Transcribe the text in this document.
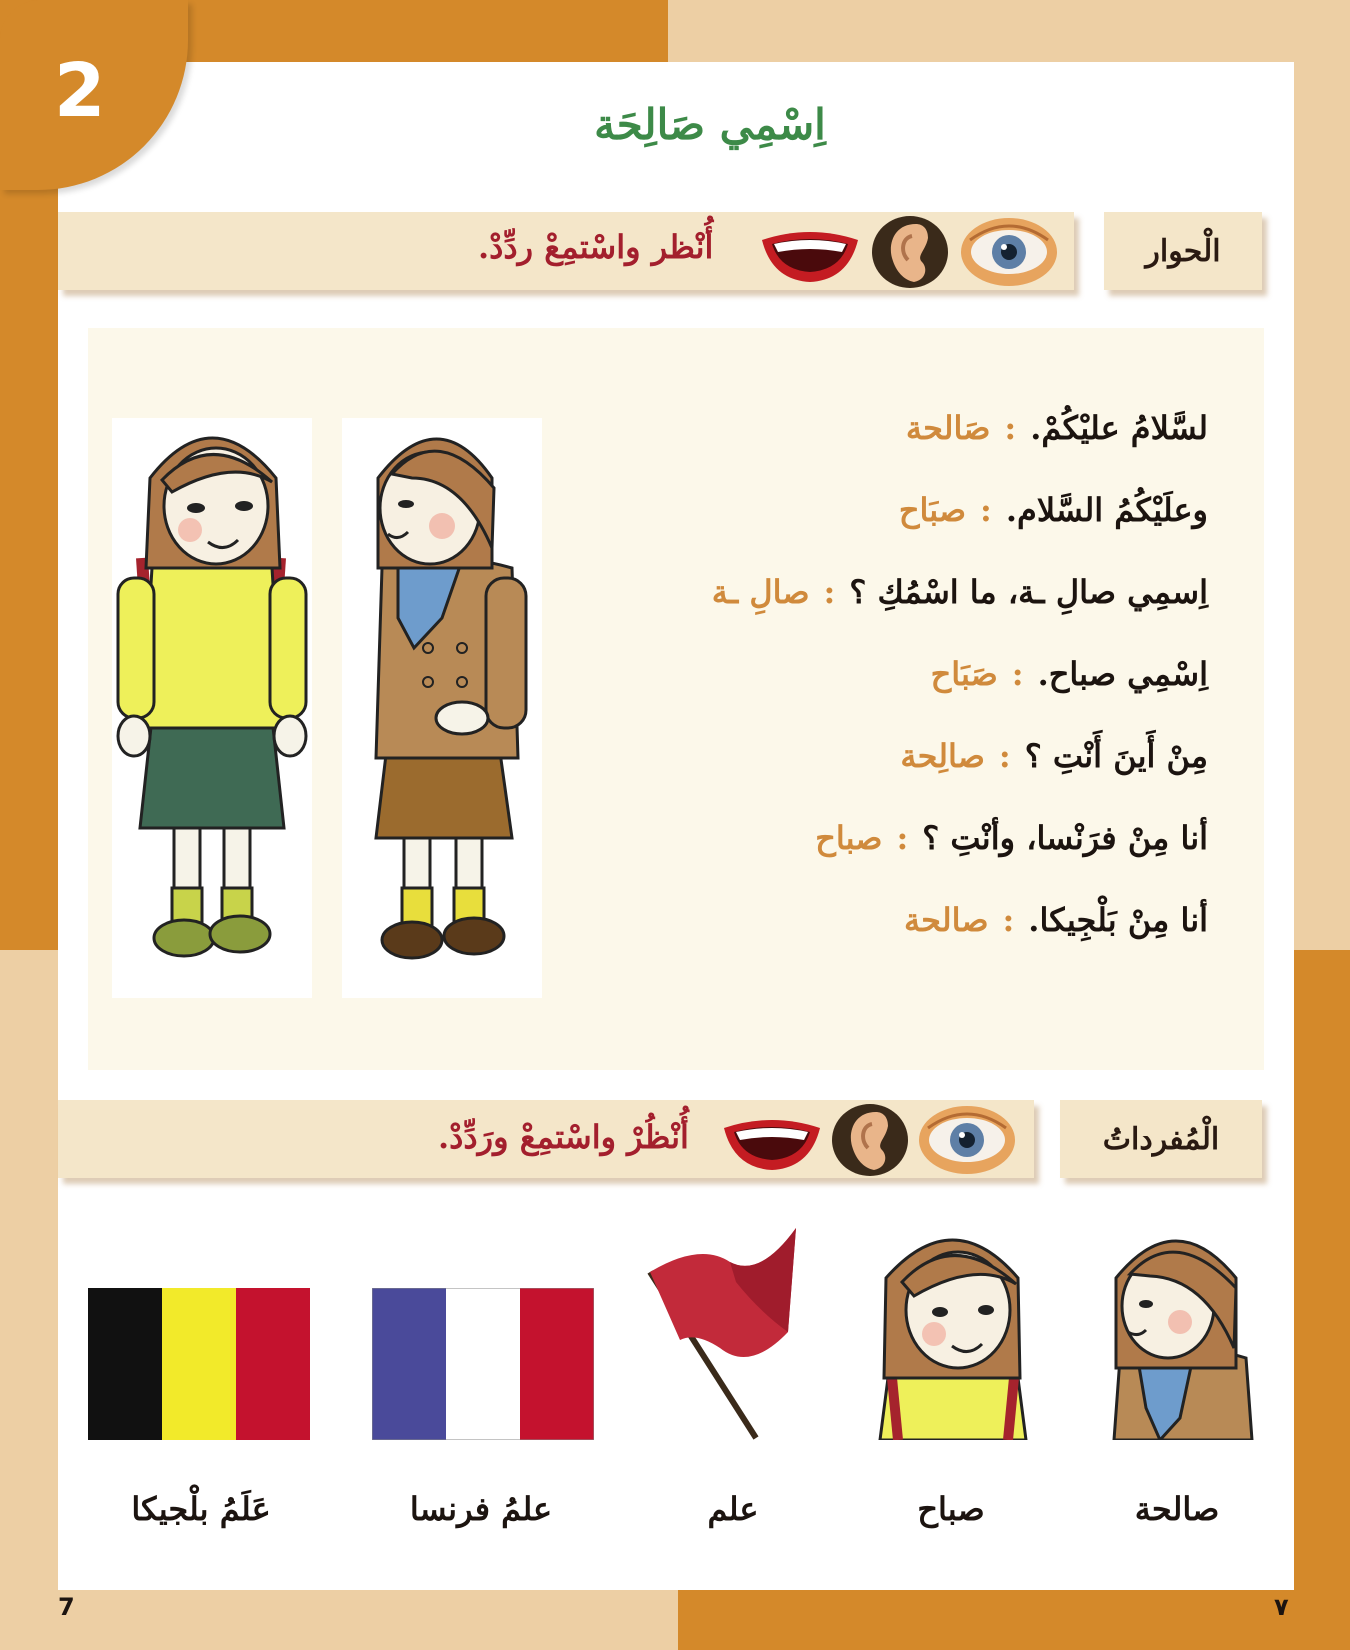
2	اِسْمِي صَالِحَة
الْحوار
أُنْظر واسْتمِعْ ردِّدْ.
صَالحة : لسَّلامُ عليْكُمْ.
صبَاح : وعلَيْكُمُ السَّلام.
صالِ ـة : اِسمِي صالِ ـة، ما اسْمُكِ ؟
صَبَاح : اِسْمِي صباح.
صالِحة : مِنْ أَينَ أَنْتِ ؟
صباح : أنا مِنْ فرَنْسا، وأنْتِ ؟
صالحة : أنا مِنْ بَلْجِيكا.
الْمُفرداتُ
أُنْظُرْ واسْتمِعْ ورَدِّدْ.
صالحة
صباح
علم
علمُ فرنسا
عَلَمُ بلْجيكا
7	٧
